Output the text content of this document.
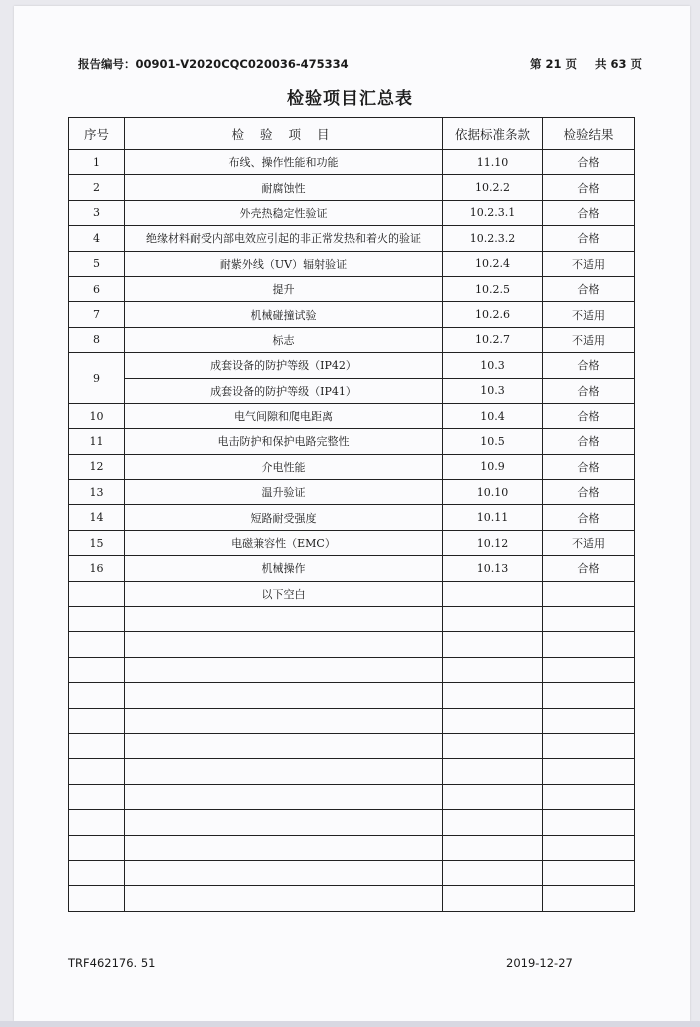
报告编号：00901-V2020CQC020036-475334	第 21 页 共 63 页
检验项目汇总表
序号	检 验 项 目	依据标准条款	检验结果
1	布线、操作性能和功能	11.10	合格
2	耐腐蚀性	10.2.2	合格
3	外壳热稳定性验证	10.2.3.1	合格
4	绝缘材料耐受内部电效应引起的非正常发热和着火的验证	10.2.3.2	合格
5	耐紫外线（UV）辐射验证	10.2.4	不适用
6	提升	10.2.5	合格
7	机械碰撞试验	10.2.6	不适用
8	标志	10.2.7	不适用
9	成套设备的防护等级（IP42）	10.3	合格
	成套设备的防护等级（IP41）	10.3	合格
10	电气间隙和爬电距离	10.4	合格
11	电击防护和保护电路完整性	10.5	合格
12	介电性能	10.9	合格
13	温升验证	10.10	合格
14	短路耐受强度	10.11	合格
15	电磁兼容性（EMC）	10.12	不适用
16	机械操作	10.13	合格
	以下空白		

TRF462176. 51	2019-12-27
